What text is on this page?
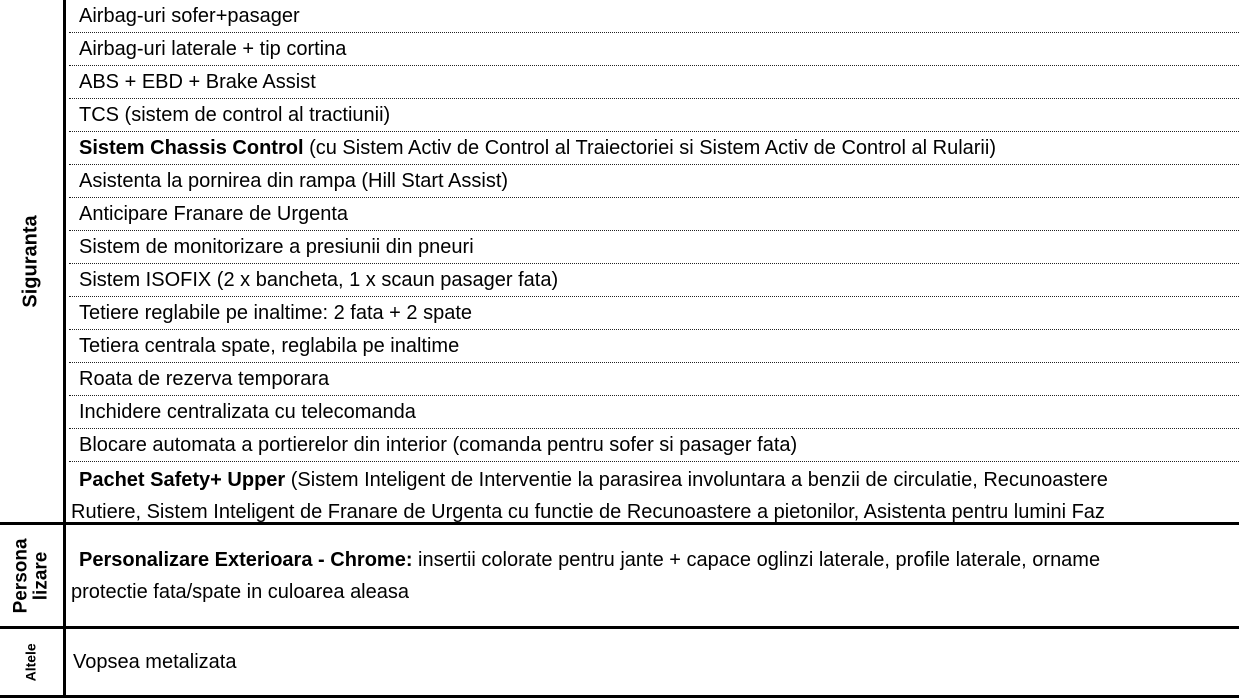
Siguranta
Persona
lizare
Altele
Airbag-uri sofer+pasager
Airbag-uri laterale + tip cortina
ABS + EBD + Brake Assist
TCS (sistem de control al tractiunii)
Sistem Chassis Control (cu Sistem Activ de Control al Traiectoriei si Sistem Activ de Control al Rularii)
Asistenta la pornirea din rampa (Hill Start Assist)
Anticipare Franare de Urgenta
Sistem de monitorizare a presiunii din pneuri
Sistem ISOFIX (2 x bancheta, 1 x scaun pasager fata)
Tetiere reglabile pe inaltime: 2 fata + 2 spate
Tetiera centrala spate, reglabila pe inaltime
Roata de rezerva temporara
Inchidere centralizata cu telecomanda
Blocare automata a portierelor din interior (comanda pentru sofer si pasager fata)
Pachet Safety+ Upper (Sistem Inteligent de Interventie la parasirea involuntara a benzii de circulatie, Recunoastere
Rutiere, Sistem Inteligent de Franare de Urgenta cu functie de Recunoastere a pietonilor, Asistenta pentru lumini Faz
Personalizare Exterioara - Chrome: insertii colorate pentru jante + capace oglinzi laterale, profile laterale, orname
protectie fata/spate in culoarea aleasa
Vopsea metalizata
